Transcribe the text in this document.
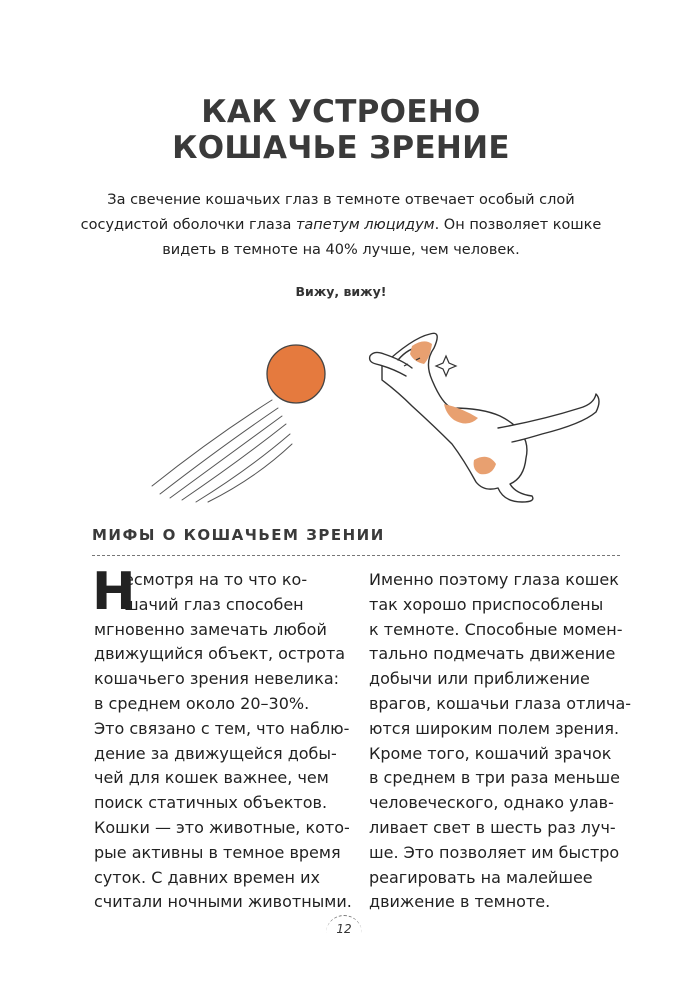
КАК УСТРОЕНО
КОШАЧЬЕ ЗРЕНИЕ
За свечение кошачьих глаз в темноте отвечает особый слой
сосудистой оболочки глаза тапетум люцидум. Он позволяет кошке
видеть в темноте на 40% лучше, чем человек.
Вижу, вижу!
МИФЫ О КОШАЧЬЕМ ЗРЕНИИ
Н
есмотря на то что ко-
шачий глаз способен
мгновенно замечать любой
движущийся объект, острота
кошачьего зрения невелика:
в среднем около 20–30%.
Это связано с тем, что наблю-
дение за движущейся добы-
чей для кошек важнее, чем
поиск статичных объектов.
Кошки — это животные, кото-
рые активны в темное время
суток. С давних времен их
считали ночными животными.
Именно поэтому глаза кошек
так хорошо приспособлены
к темноте. Способные момен-
тально подмечать движение
добычи или приближение
врагов, кошачьи глаза отлича-
ются широким полем зрения.
Кроме того, кошачий зрачок
в среднем в три раза меньше
человеческого, однако улав-
ливает свет в шесть раз луч-
ше. Это позволяет им быстро
реагировать на малейшее
движение в темноте.
12
